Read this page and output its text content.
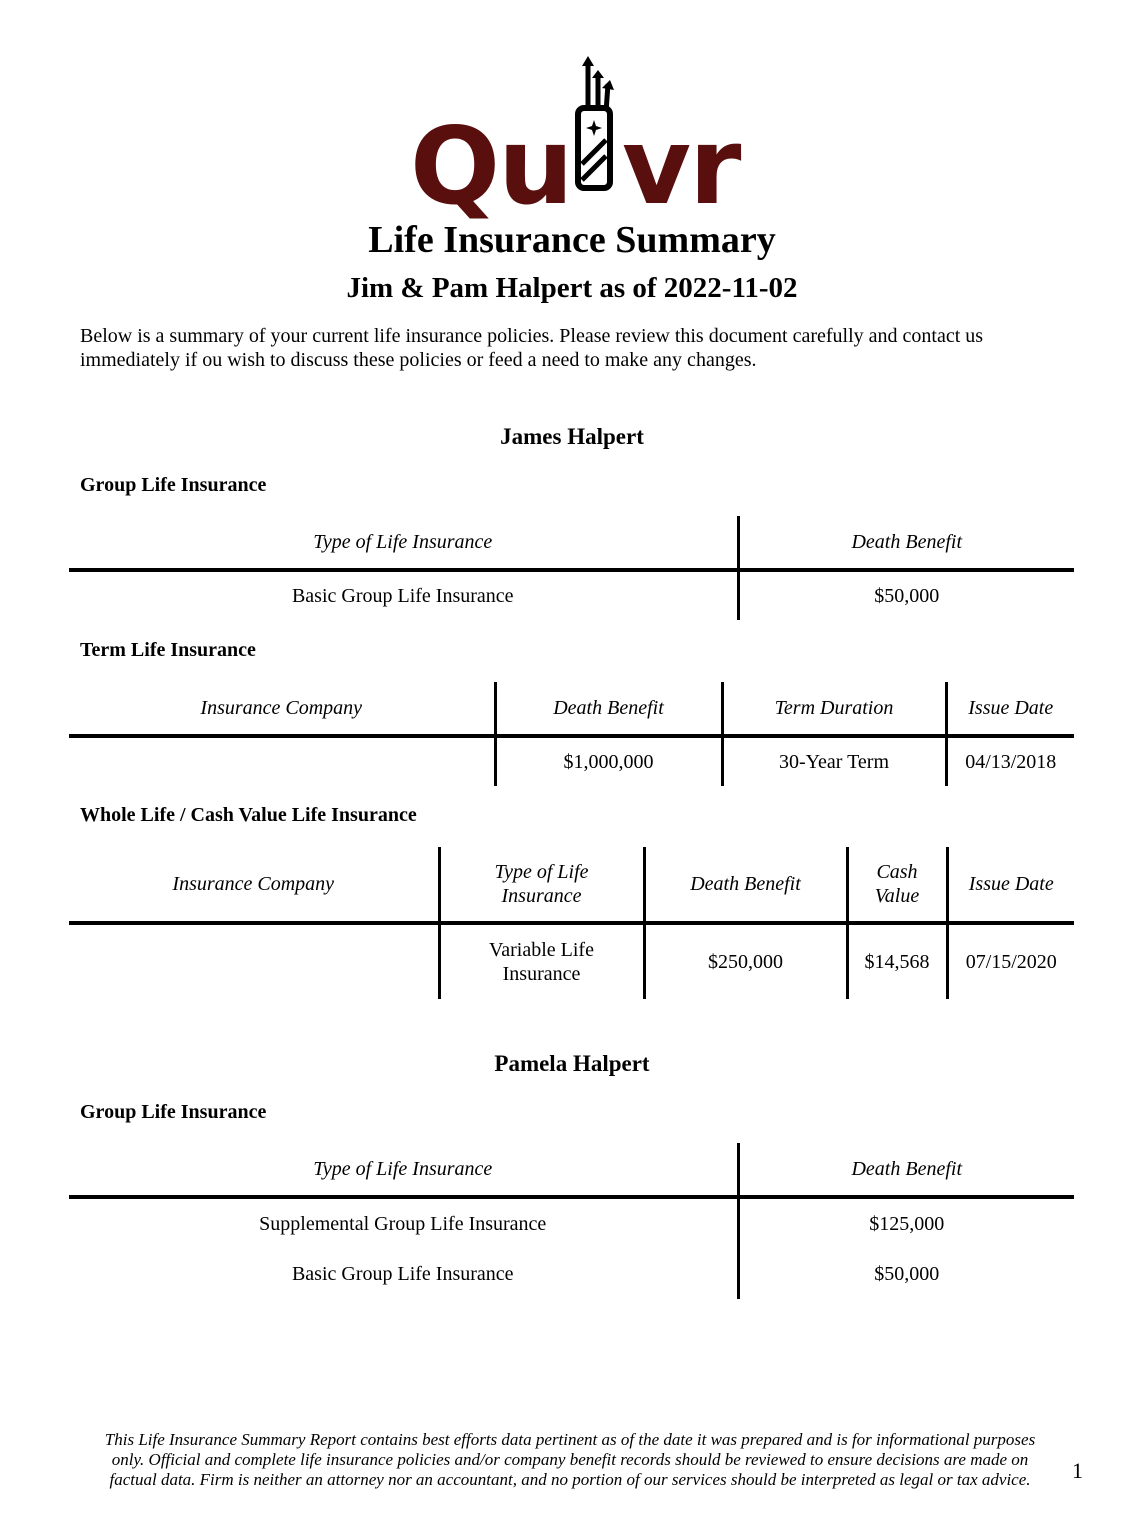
Qu vr
Life Insurance Summary
Jim & Pam Halpert as of 2022-11-02
Below is a summary of your current life insurance policies. Please review this document carefully and contact us immediately if ou wish to discuss these policies or feed a need to make any changes.
James Halpert
Group Life Insurance
Type of Life Insurance	Death Benefit
Basic Group Life Insurance	$50,000
Term Life Insurance
Insurance Company	Death Benefit	Term Duration	Issue Date
	$1,000,000	30-Year Term	04/13/2018
Whole Life / Cash Value Life Insurance
Insurance Company	Type of Life Insurance	Death Benefit	Cash Value	Issue Date
	Variable Life Insurance	$250,000	$14,568	07/15/2020
Pamela Halpert
Group Life Insurance
Type of Life Insurance	Death Benefit
Supplemental Group Life Insurance	$125,000
Basic Group Life Insurance	$50,000
This Life Insurance Summary Report contains best efforts data pertinent as of the date it was prepared and is for informational purposes only. Official and complete life insurance policies and/or company benefit records should be reviewed to ensure decisions are made on factual data. Firm is neither an attorney nor an accountant, and no portion of our services should be interpreted as legal or tax advice.	1
